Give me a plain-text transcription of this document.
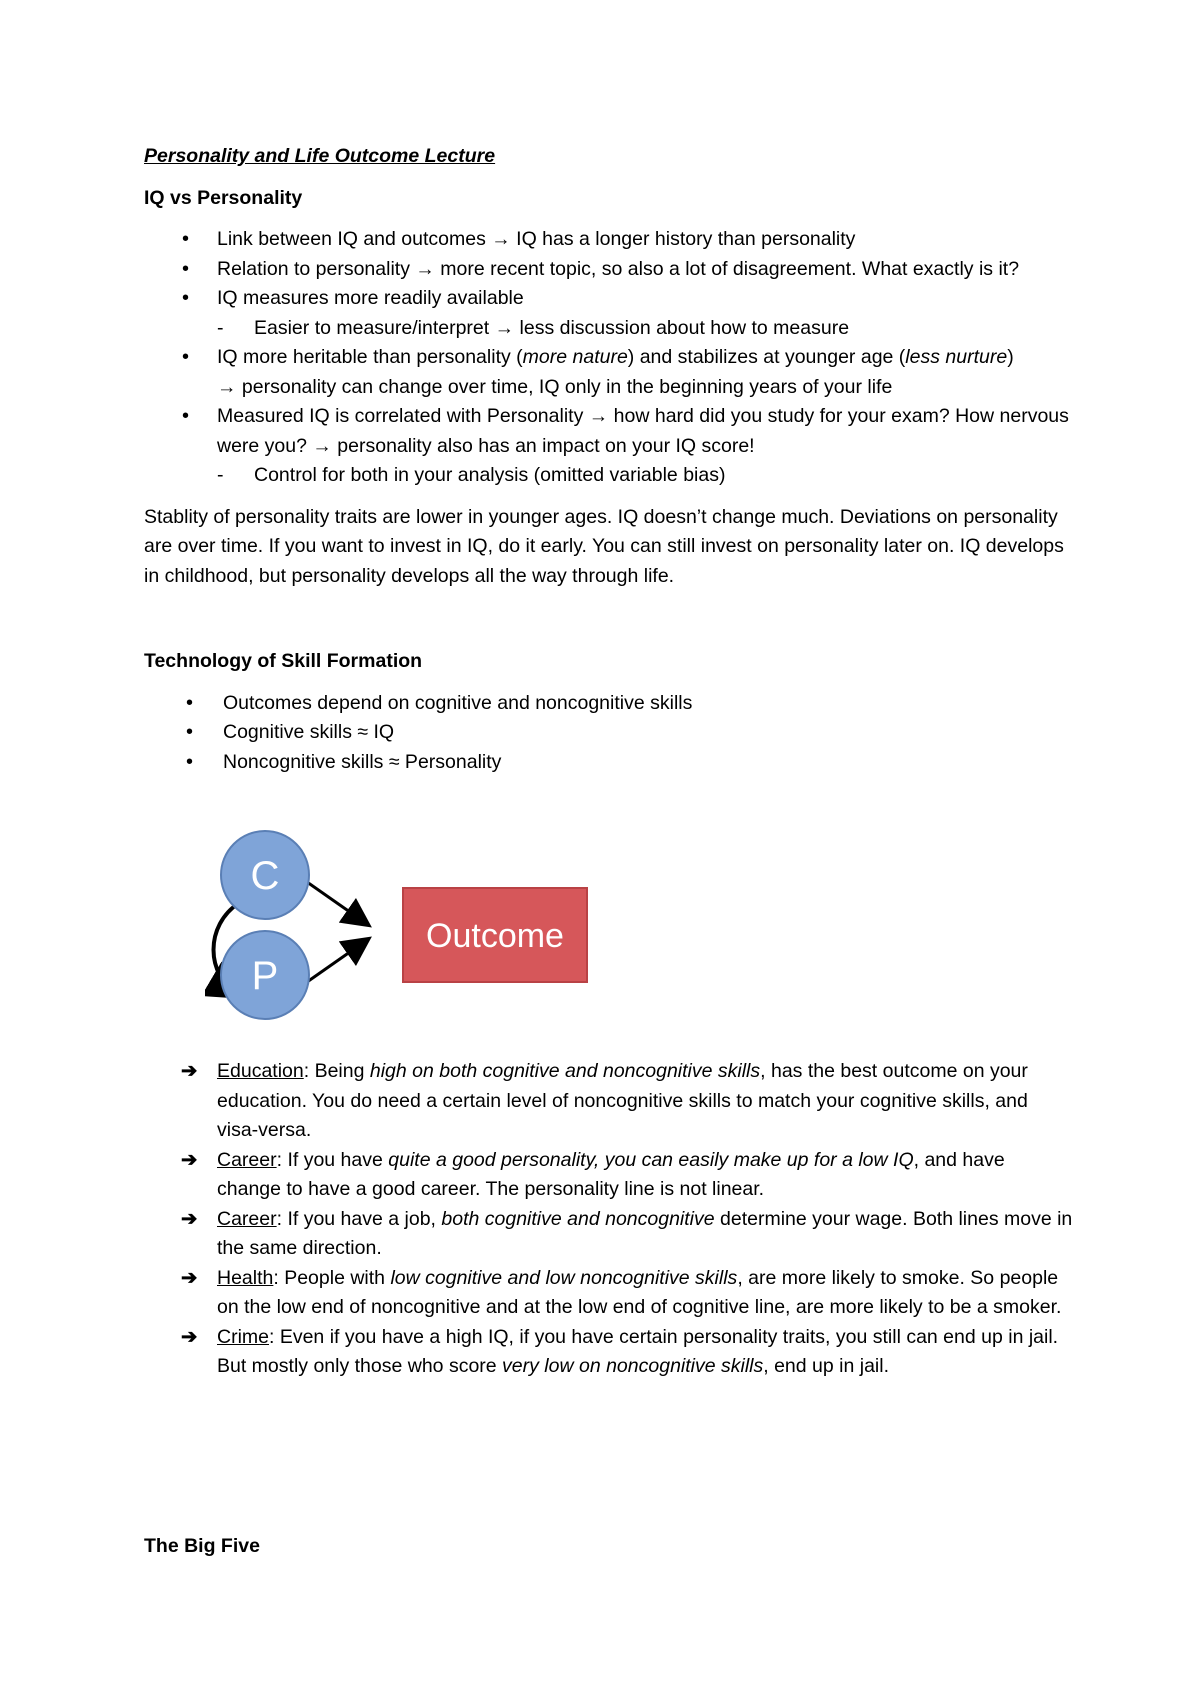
Personality and Life Outcome Lecture

IQ vs Personality

• Link between IQ and outcomes → IQ has a longer history than personality
• Relation to personality → more recent topic, so also a lot of disagreement. What exactly is it?
• IQ measures more readily available
- Easier to measure/interpret → less discussion about how to measure
• IQ more heritable than personality (more nature) and stabilizes at younger age (less nurture)
→ personality can change over time, IQ only in the beginning years of your life
• Measured IQ is correlated with Personality → how hard did you study for your exam? How nervous were you? → personality also has an impact on your IQ score!
- Control for both in your analysis (omitted variable bias)

Stablity of personality traits are lower in younger ages. IQ doesn’t change much. Deviations on personality are over time. If you want to invest in IQ, do it early. You can still invest on personality later on. IQ develops in childhood, but personality develops all the way through life.

Technology of Skill Formation

• Outcomes depend on cognitive and noncognitive skills
• Cognitive skills ≈ IQ
• Noncognitive skills ≈ Personality
➔ Education: Being high on both cognitive and noncognitive skills, has the best outcome on your education. You do need a certain level of noncognitive skills to match your cognitive skills, and visa-versa.
➔ Career: If you have quite a good personality, you can easily make up for a low IQ, and have change to have a good career. The personality line is not linear.
➔ Career: If you have a job, both cognitive and noncognitive determine your wage. Both lines move in the same direction.
➔ Health: People with low cognitive and low noncognitive skills, are more likely to smoke. So people on the low end of noncognitive and at the low end of cognitive line, are more likely to be a smoker.
➔ Crime: Even if you have a high IQ, if you have certain personality traits, you still can end up in jail. But mostly only those who score very low on noncognitive skills, end up in jail.
C
P
Outcome
The Big Five
